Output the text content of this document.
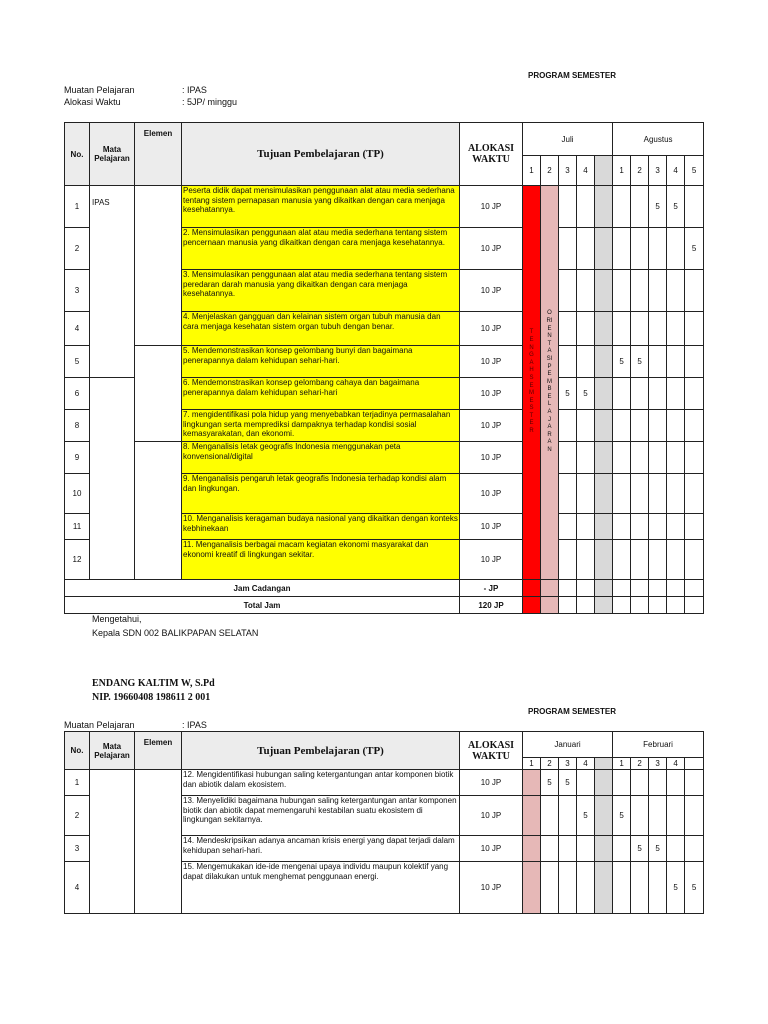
PROGRAM SEMESTER
Muatan Pelajaran	: IPAS
Alokasi Waktu	: 5JP/ minggu
No.	Mata Pelajaran	Elemen	Tujuan Pembelajaran (TP)	ALOKASI WAKTU	Juli					Agustus				
					1	2	3	4		1	2	3	4	5
1	IPAS		Peserta didik dapat mensimulasikan penggunaan alat atau media sederhana tentang sistem pernapasan manusia yang dikaitkan dengan cara menjaga kesehatannya.	10 JP	TENGAH SEMESTER	ORIENTASI PEMBELAJARAN						5	5	
2			2. Mensimulasikan penggunaan alat atau media sederhana tentang sistem pencernaan manusia yang dikaitkan dengan cara menjaga kesehatannya.	10 JP										5
3			3. Mensimulasikan penggunaan alat atau media sederhana tentang sistem peredaran darah manusia yang dikaitkan dengan cara menjaga kesehatannya.	10 JP										
4			4. Menjelaskan gangguan dan kelainan sistem organ tubuh manusia dan cara menjaga kesehatan sistem organ tubuh dengan benar.	10 JP										
5			5. Mendemonstrasikan konsep gelombang bunyi dan bagaimana penerapannya dalam kehidupan sehari-hari.	10 JP						5	5			
6			6. Mendemonstrasikan konsep gelombang cahaya dan bagaimana penerapannya dalam kehidupan sehari-hari	10 JP			5	5						
8			7. mengidentifikasi pola hidup yang menyebabkan terjadinya permasalahan lingkungan serta memprediksi dampaknya terhadap kondisi sosial kemasyarakatan, dan ekonomi.	10 JP										
9			8. Menganalisis letak geografis Indonesia menggunakan peta konvensional/digital	10 JP										
10			9. Menganalisis pengaruh letak geografis Indonesia terhadap kondisi alam dan lingkungan.	10 JP										
11			10. Menganalisis keragaman budaya nasional yang dikaitkan dengan konteks kebhinekaan	10 JP										
12			11. Menganalisis berbagai macam kegiatan ekonomi masyarakat dan ekonomi kreatif di lingkungan sekitar.	10 JP										
Jam Cadangan				- JP										
Total Jam				120 JP										
Mengetahui,
Kepala SDN 002 BALIKPAPAN SELATAN
ENDANG KALTIM W, S.Pd
NIP. 19660408 198611 2 001
PROGRAM SEMESTER
Muatan Pelajaran	: IPAS
No.	Mata Pelajaran	Elemen	Tujuan Pembelajaran (TP)	ALOKASI WAKTU	Januari					Februari				
					1	2	3	4		1	2	3	4	
1			12. Mengidentifikasi hubungan saling ketergantungan antar komponen biotik dan abiotik dalam ekosistem.	10 JP		5	5							
2			13. Menyelidiki bagaimana hubungan saling ketergantungan antar komponen biotik dan abiotik dapat memengaruhi kestabilan suatu ekosistem di lingkungan sekitarnya.	10 JP				5		5				
3			14. Mendeskripsikan adanya ancaman krisis energi yang dapat terjadi dalam kehidupan sehari-hari.	10 JP							5	5		
4			15. Mengemukakan ide-ide mengenai upaya individu maupun kolektif yang dapat dilakukan untuk menghemat penggunaan energi.	10 JP									5	5
